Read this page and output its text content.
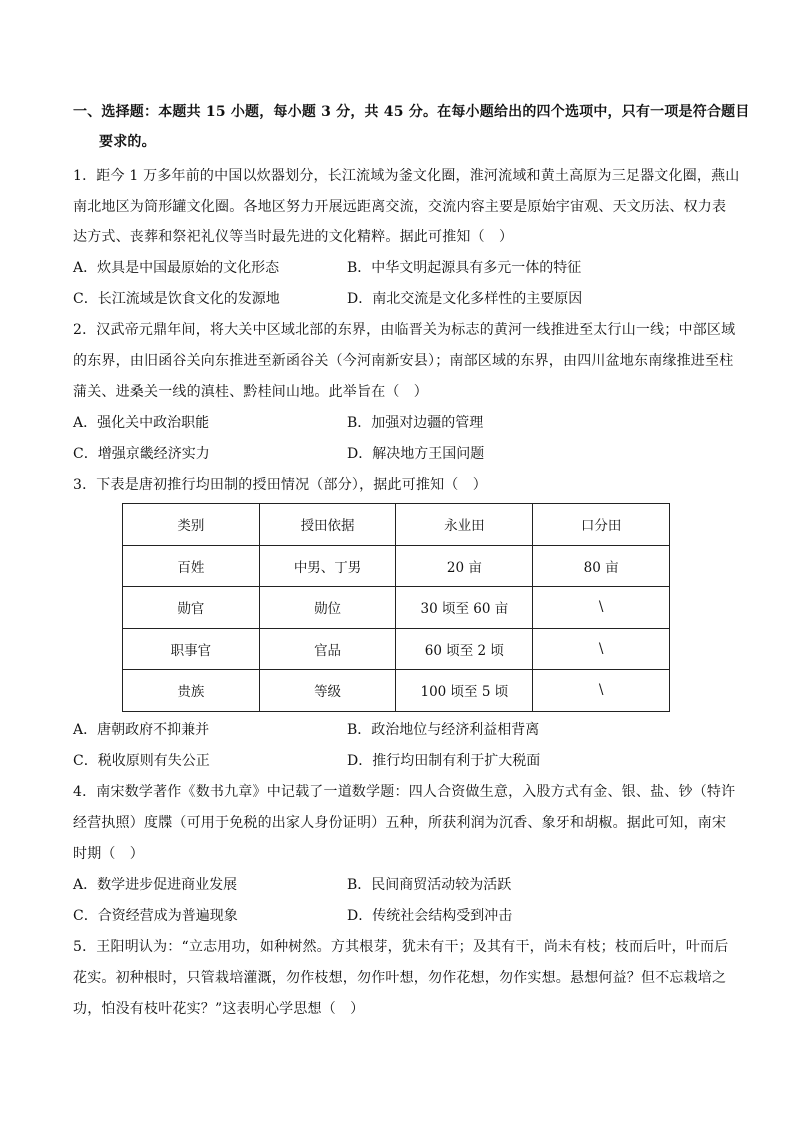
一、选择题：本题共 15 小题，每小题 3 分，共 45 分。在每小题给出的四个选项中，只有一项是符合题目
要求的。
1．距今 1 万多年前的中国以炊器划分，长江流域为釜文化圈，淮河流域和黄土高原为三足器文化圈，燕山
南北地区为筒形罐文化圈。各地区努力开展远距离交流，交流内容主要是原始宇宙观、天文历法、权力表
达方式、丧葬和祭祀礼仪等当时最先进的文化精粹。据此可推知（　）
A．炊具是中国最原始的文化形态	B．中华文明起源具有多元一体的特征
C．长江流域是饮食文化的发源地	D．南北交流是文化多样性的主要原因
2．汉武帝元鼎年间，将大关中区域北部的东界，由临晋关为标志的黄河一线推进至太行山一线；中部区域
的东界，由旧函谷关向东推进至新函谷关（今河南新安县）；南部区域的东界，由四川盆地东南缘推进至柱
蒲关、进桑关一线的滇桂、黔桂间山地。此举旨在（　）
A．强化关中政治职能	B．加强对边疆的管理
C．增强京畿经济实力	D．解决地方王国问题
3．下表是唐初推行均田制的授田情况（部分），据此可推知（　）
类别	授田依据	永业田	口分田
百姓	中男、丁男	20 亩	80 亩
勋官	勋位	30 顷至 60 亩	\
职事官	官品	60 顷至 2 顷	\
贵族	等级	100 顷至 5 顷	\
A．唐朝政府不抑兼并	B．政治地位与经济利益相背离
C．税收原则有失公正	D．推行均田制有利于扩大税面
4．南宋数学著作《数书九章》中记载了一道数学题：四人合资做生意，入股方式有金、银、盐、钞（特许
经营执照）度牒（可用于免税的出家人身份证明）五种，所获利润为沉香、象牙和胡椒。据此可知，南宋
时期（　）
A．数学进步促进商业发展	B．民间商贸活动较为活跃
C．合资经营成为普遍现象	D．传统社会结构受到冲击
5．王阳明认为：“立志用功，如种树然。方其根芽，犹未有干；及其有干，尚未有枝；枝而后叶，叶而后
花实。初种根时，只管栽培灌溉，勿作枝想，勿作叶想，勿作花想，勿作实想。悬想何益？但不忘栽培之
功，怕没有枝叶花实？”这表明心学思想（　）
